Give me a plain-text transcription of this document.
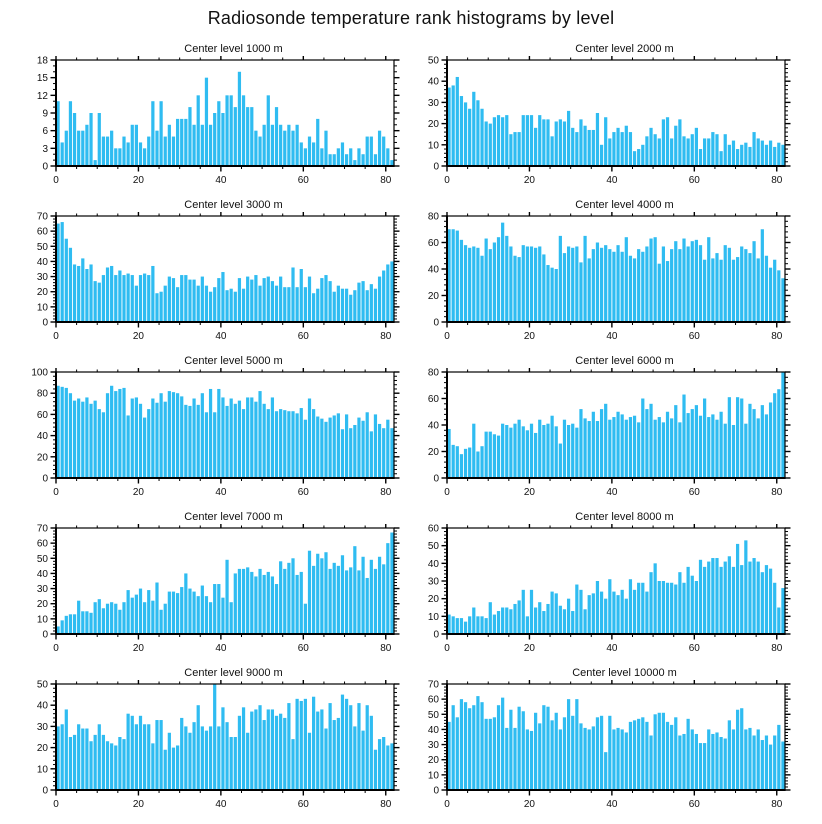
Radiosonde temperature rank histograms by level
Center level 1000 m
0	20	40	60	80
0
3
6
9
12
15
18
Center level 2000 m
0	20	40	60	80
0
10
20
30
40
50
Center level 3000 m
0	20	40	60	80
0
10
20
30
40
50
60
70
Center level 4000 m
0	20	40	60	80
0
20
40
60
80
Center level 5000 m
0	20	40	60	80
0
20
40
60
80
100
Center level 6000 m
0	20	40	60	80
0
20
40
60
80
Center level 7000 m
0	20	40	60	80
0
10
20
30
40
50
60
70
Center level 8000 m
0	20	40	60	80
0
10
20
30
40
50
60
Center level 9000 m
0	20	40	60	80
0
10
20
30
40
50
Center level 10000 m
0	20	40	60	80
0
10
20
30
40
50
60
70
